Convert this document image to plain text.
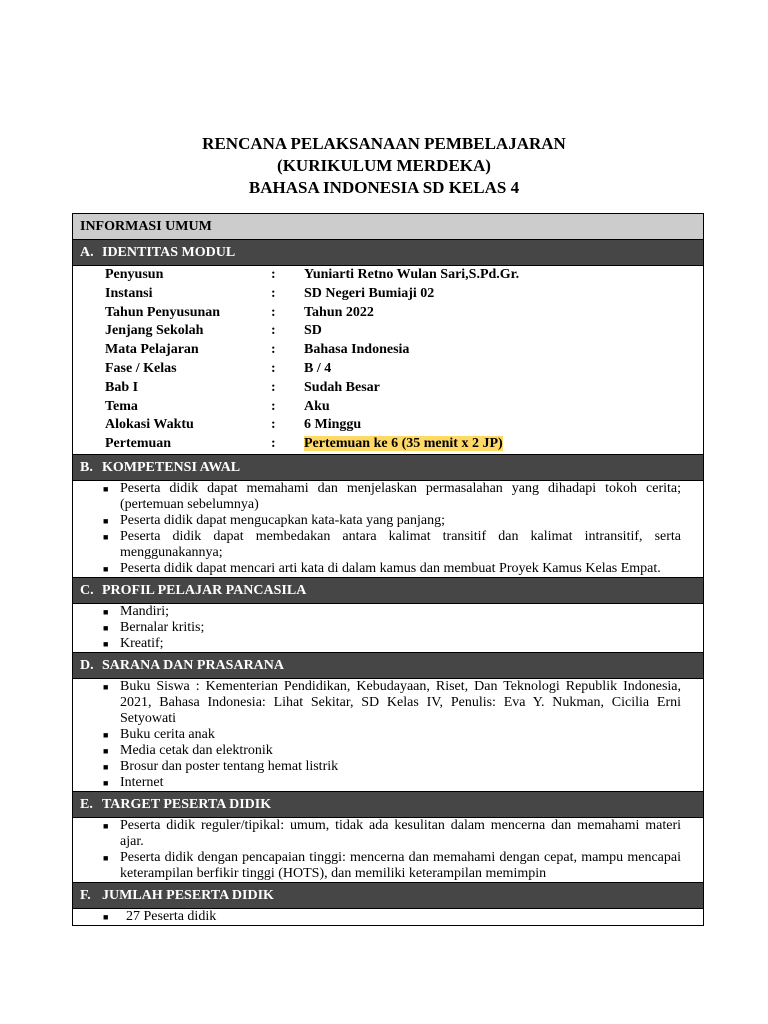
RENCANA PELAKSANAAN PEMBELAJARAN
(KURIKULUM MERDEKA)
BAHASA INDONESIA SD KELAS 4
INFORMASI UMUM
A. IDENTITAS MODUL
Penyusun	:	Yuniarti Retno Wulan Sari,S.Pd.Gr.
Instansi	:	SD Negeri Bumiaji 02
Tahun Penyusunan	:	Tahun 2022
Jenjang Sekolah	:	SD
Mata Pelajaran	:	Bahasa Indonesia
Fase / Kelas	:	B / 4
Bab I	:	Sudah Besar
Tema	:	Aku
Alokasi Waktu	:	6 Minggu
Pertemuan	:	Pertemuan ke 6 (35 menit x 2 JP)
B. KOMPETENSI AWAL
■ Peserta didik dapat memahami dan menjelaskan permasalahan yang dihadapi tokoh cerita;(pertemuan sebelumnya)
■ Peserta didik dapat mengucapkan kata-kata yang panjang;
■ Peserta didik dapat membedakan antara kalimat transitif dan kalimat intransitif, serta menggunakannya;
■ Peserta didik dapat mencari arti kata di dalam kamus dan membuat Proyek Kamus Kelas Empat.
C. PROFIL PELAJAR PANCASILA
■ Mandiri;
■ Bernalar kritis;
■ Kreatif;
D. SARANA DAN PRASARANA
■ Buku Siswa : Kementerian Pendidikan, Kebudayaan, Riset, Dan Teknologi Republik Indonesia, 2021, Bahasa Indonesia: Lihat Sekitar, SD Kelas IV, Penulis: Eva Y. Nukman, Cicilia Erni Setyowati
■ Buku cerita anak
■ Media cetak dan elektronik
■ Brosur dan poster tentang hemat listrik
■ Internet
E. TARGET PESERTA DIDIK
■ Peserta didik reguler/tipikal: umum, tidak ada kesulitan dalam mencerna dan memahami materi ajar.
■ Peserta didik dengan pencapaian tinggi: mencerna dan memahami dengan cepat, mampu mencapai keterampilan berfikir tinggi (HOTS), dan memiliki keterampilan memimpin
F. JUMLAH PESERTA DIDIK
■ 27 Peserta didik
